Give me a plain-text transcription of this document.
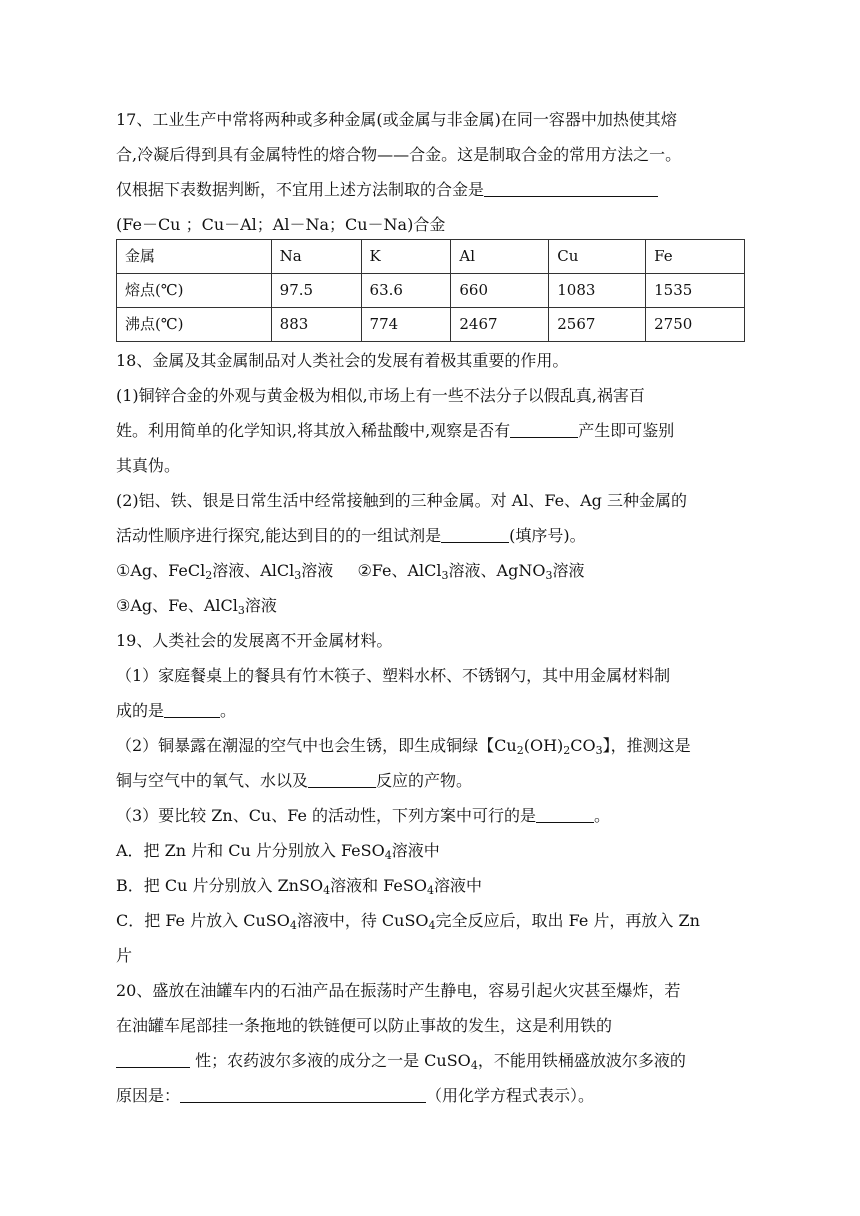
17、工业生产中常将两种或多种金属(或金属与非金属)在同一容器中加热使其熔
合,冷凝后得到具有金属特性的熔合物——合金。这是制取合金的常用方法之一。
仅根据下表数据判断，不宜用上述方法制取的合金是
(Fe－Cu ；Cu－Al；Al－Na；Cu－Na)合金
金属	Na	K	Al	Cu	Fe
熔点(℃)	97.5	63.6	660	1083	1535
沸点(℃)	883	774	2467	2567	2750
18、金属及其金属制品对人类社会的发展有着极其重要的作用。
(1)铜锌合金的外观与黄金极为相似,市场上有一些不法分子以假乱真,祸害百
姓。利用简单的化学知识,将其放入稀盐酸中,观察是否有	产生即可鉴别
其真伪。
(2)铝、铁、银是日常生活中经常接触到的三种金属。对 Al、Fe、Ag 三种金属的
活动性顺序进行探究,能达到目的的一组试剂是	(填序号)。
①Ag、FeCl$_2$溶液、AlCl$_3$溶液 ②Fe、AlCl$_3$溶液、AgNO$_3$溶液
③Ag、Fe、AlCl$_3$溶液
19、人类社会的发展离不开金属材料。
（1）家庭餐桌上的餐具有竹木筷子、塑料水杯、不锈钢勺，其中用金属材料制
成的是	。
（2）铜暴露在潮湿的空气中也会生锈，即生成铜绿【$Cu_2(OH)_2CO_3$】，推测这是
铜与空气中的氧气、水以及	反应的产物。
（3）要比较 Zn、Cu、Fe 的活动性，下列方案中可行的是	。
A．把 Zn 片和 Cu 片分别放入 FeSO$_4$溶液中
B．把 Cu 片分别放入 ZnSO$_4$溶液和 FeSO$_4$溶液中
C．把 Fe 片放入 CuSO$_4$溶液中，待 CuSO$_4$完全反应后，取出 Fe 片，再放入 Zn
片
20、盛放在油罐车内的石油产品在振荡时产生静电，容易引起火灾甚至爆炸，若
在油罐车尾部挂一条拖地的铁链便可以防止事故的发生，这是利用铁的
性；农药波尔多液的成分之一是 CuSO$_4$，不能用铁桶盛放波尔多液的
原因是：	（用化学方程式表示）。
